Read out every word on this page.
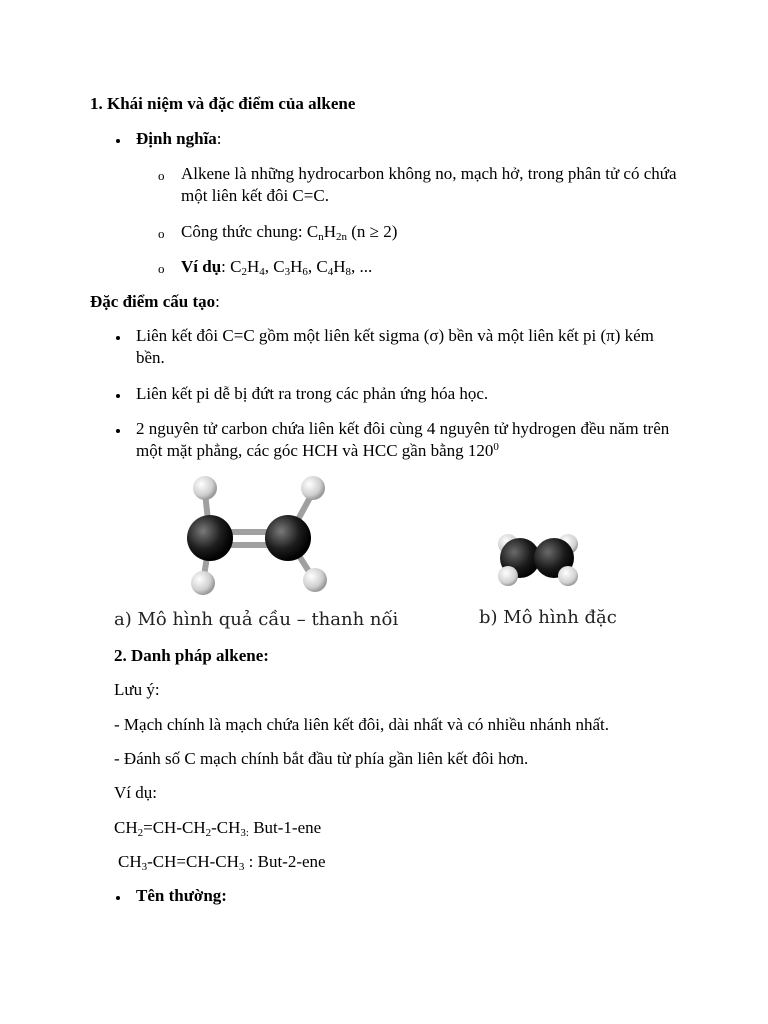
1. Khái niệm và đặc điểm của alkene
Định nghĩa:
o Alkene là những hydrocarbon không no, mạch hở, trong phân tử có chứa một liên kết đôi C=C.
o Công thức chung: $C_nH_{2n}$ (n ≥ 2)
o Ví dụ: $C_2H_4$, $C_3H_6$, $C_4H_8$, ...
Đặc điểm cấu tạo:
Liên kết đôi C=C gồm một liên kết sigma (σ) bền và một liên kết pi (π) kém bền.
Liên kết pi dễ bị đứt ra trong các phản ứng hóa học.
2 nguyên tử carbon chứa liên kết đôi cùng 4 nguyên tử hydrogen đều năm trên một mặt phẳng, các góc HCH và HCC gần bằng $120^0$
a) Mô hình quả cầu – thanh nối	b) Mô hình đặc
2. Danh pháp alkene:
Lưu ý:
- Mạch chính là mạch chứa liên kết đôi, dài nhất và có nhiều nhánh nhất.
- Đánh số C mạch chính bắt đầu từ phía gần liên kết đôi hơn.
Ví dụ:
$CH_2=CH-CH_2-CH_{3:}$ But-1-ene
$CH_3-CH=CH-CH_3$ : But-2-ene
Tên thường:
